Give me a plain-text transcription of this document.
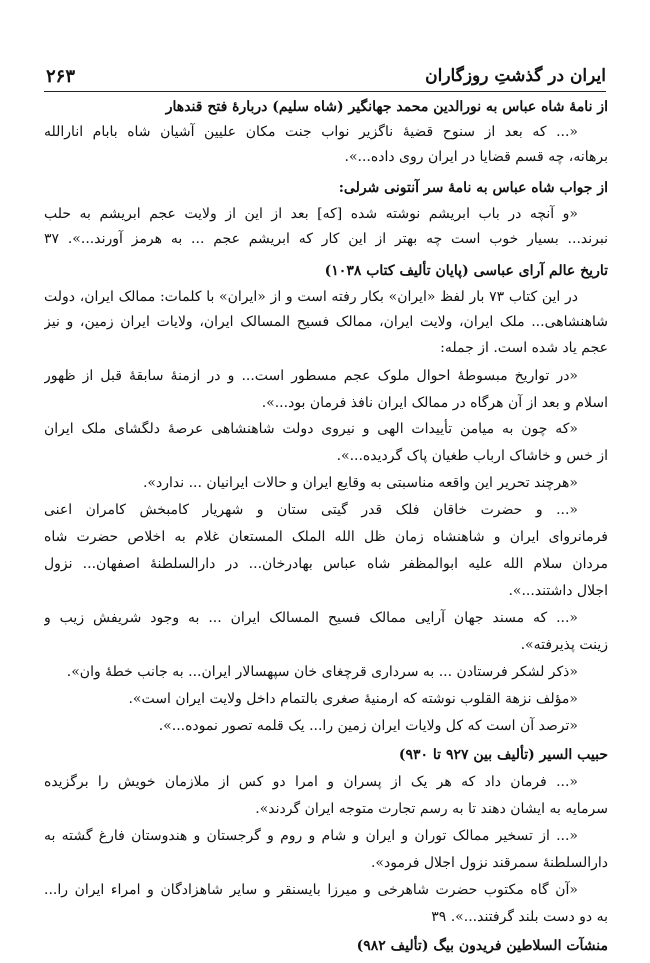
ایران در گذشتِ روزگاران
۲۶۳
از نامهٔ شاه عباس به نورالدین محمد جهانگیر (شاه سلیم) دربارهٔ فتح قندهار
«... که بعد از سنوح قضیهٔ ناگزیر نواب جنت مکان علیین آشیان شاه بابام انارالله
برهانه، چه قسم قضایا در ایران روی داده...».
از جواب شاه عباس به نامهٔ سر آنتونی شرلی:
«و آنچه در باب ابریشم نوشته شده [که] بعد از این از ولایت عجم ابریشم به حلب
نبرند... بسیار خوب است چه بهتر از این کار که ابریشم عجم ... به هرمز آورند...». ۳۷
تاریخ عالم آرای عباسی (پایان تألیف کتاب ۱۰۳۸)
در این کتاب ۷۳ بار لفظ «ایران» بکار رفته است و از «ایران» با کلمات: ممالک ایران، دولت
شاهنشاهی... ملک ایران، ولایت ایران، ممالک فسیح المسالک ایران، ولایات ایران زمین، و نیز
عجم یاد شده است. از جمله:
«در تواریخ مبسوطهٔ احوال ملوک عجم مسطور است... و در ازمنهٔ سابقهٔ قبل از ظهور
اسلام و بعد از آن هرگاه در ممالک ایران نافذ فرمان بود...».
«که چون به میامن تأییدات الهی و نیروی دولت شاهنشاهی عرصهٔ دلگشای ملک ایران
از خس و خاشاک ارباب طغیان پاک گردیده...».
«هرچند تحریر این واقعه مناسبتی به وقایع ایران و حالات ایرانیان ... ندارد».
«... و حضرت خاقان فلک قدر گیتی ستان و شهریار کامبخش کامران اعنی
فرمانروای ایران و شاهنشاه زمان ظل الله الملک المستعان غلام به اخلاص حضرت شاه
مردان سلام الله علیه ابوالمظفر شاه عباس بهادرخان... در دارالسلطنهٔ اصفهان... نزول
اجلال داشتند...».
«... که مسند جهان آرایی ممالک فسیح المسالک ایران ... به وجود شریفش زیب و
زینت پذیرفته».
«ذکر لشکر فرستادن ... به سرداری قرچغای خان سپهسالار ایران... به جانب خطهٔ وان».
«مؤلف نزهة القلوب نوشته که ارمنیهٔ صغری بالتمام داخل ولایت ایران است».
«ترصد آن است که کل ولایات ایران زمین را... یک قلمه تصور نموده...».
حبیب السیر (تألیف بین ۹۲۷ تا ۹۳۰)
«... فرمان داد که هر یک از پسران و امرا دو کس از ملازمان خویش را برگزیده
سرمایه به ایشان دهند تا به رسم تجارت متوجه ایران گردند».
«... از تسخیر ممالک توران و ایران و شام و روم و گرجستان و هندوستان فارغ گشته به
دارالسلطنهٔ سمرقند نزول اجلال فرمود».
«آن گاه مکتوب حضرت شاهرخی و میرزا بایسنقر و سایر شاهزادگان و امراء ایران را...
به دو دست بلند گرفتند...». ۳۹
منشآت السلاطین فریدون بیگ (تألیف ۹۸۲)
